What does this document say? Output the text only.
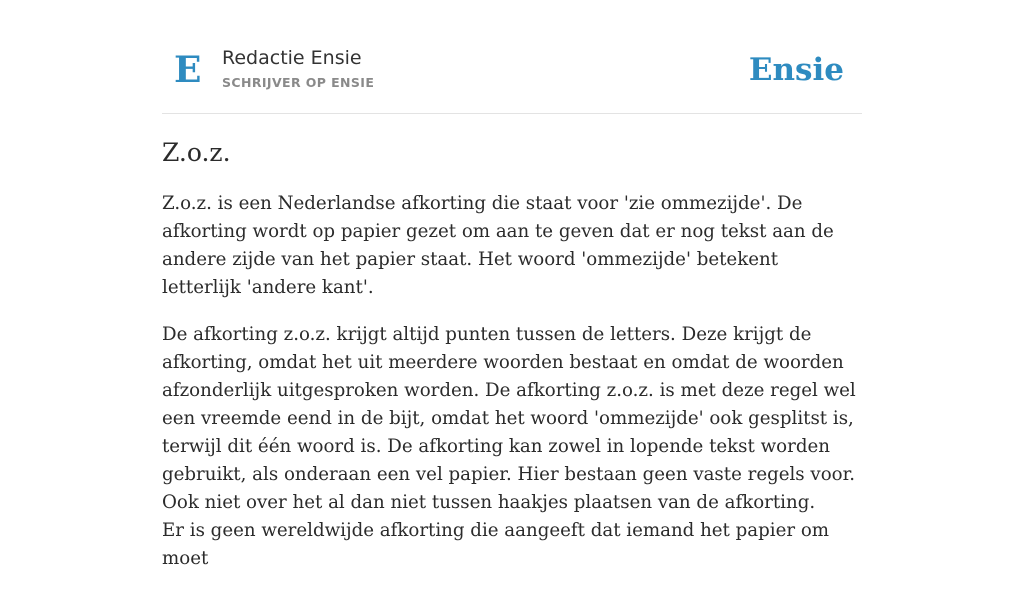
E Redactie Ensie
SCHRIJVER OP ENSIE	Ensie
Z.o.z.

Z.o.z. is een Nederlandse afkorting die staat voor 'zie ommezijde'. De afkorting wordt op papier gezet om aan te geven dat er nog tekst aan de andere zijde van het papier staat. Het woord 'ommezijde' betekent letterlijk 'andere kant'.

De afkorting z.o.z. krijgt altijd punten tussen de letters. Deze krijgt de afkorting, omdat het uit meerdere woorden bestaat en omdat de woorden afzonderlijk uitgesproken worden. De afkorting z.o.z. is met deze regel wel een vreemde eend in de bijt, omdat het woord 'ommezijde' ook gesplitst is, terwijl dit één woord is. De afkorting kan zowel in lopende tekst worden gebruikt, als onderaan een vel papier. Hier bestaan geen vaste regels voor. Ook niet over het al dan niet tussen haakjes plaatsen van de afkorting.

Er is geen wereldwijde afkorting die aangeeft dat iemand het papier om moet
